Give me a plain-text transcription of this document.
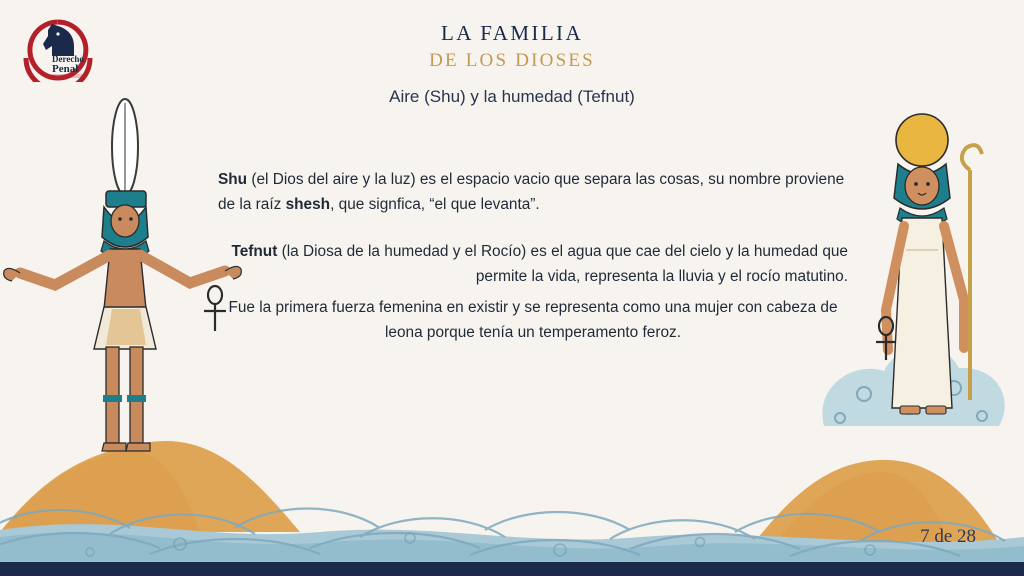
Derecho
Penal
LA FAMILIA
DE LOS DIOSES
Aire (Shu) y la humedad (Tefnut)
Shu (el Dios del aire y la luz) es el espacio vacio que separa las cosas, su nombre proviene de la raíz shesh, que signfica, “el que levanta”.
Tefnut (la Diosa de la humedad y el Rocío) es el agua que cae del cielo y la humedad que permite la vida, representa la lluvia y el rocío matutino.
Fue la primera fuerza femenina en existir y se representa como una mujer con cabeza de leona porque tenía un temperamento feroz.
7 de 28
